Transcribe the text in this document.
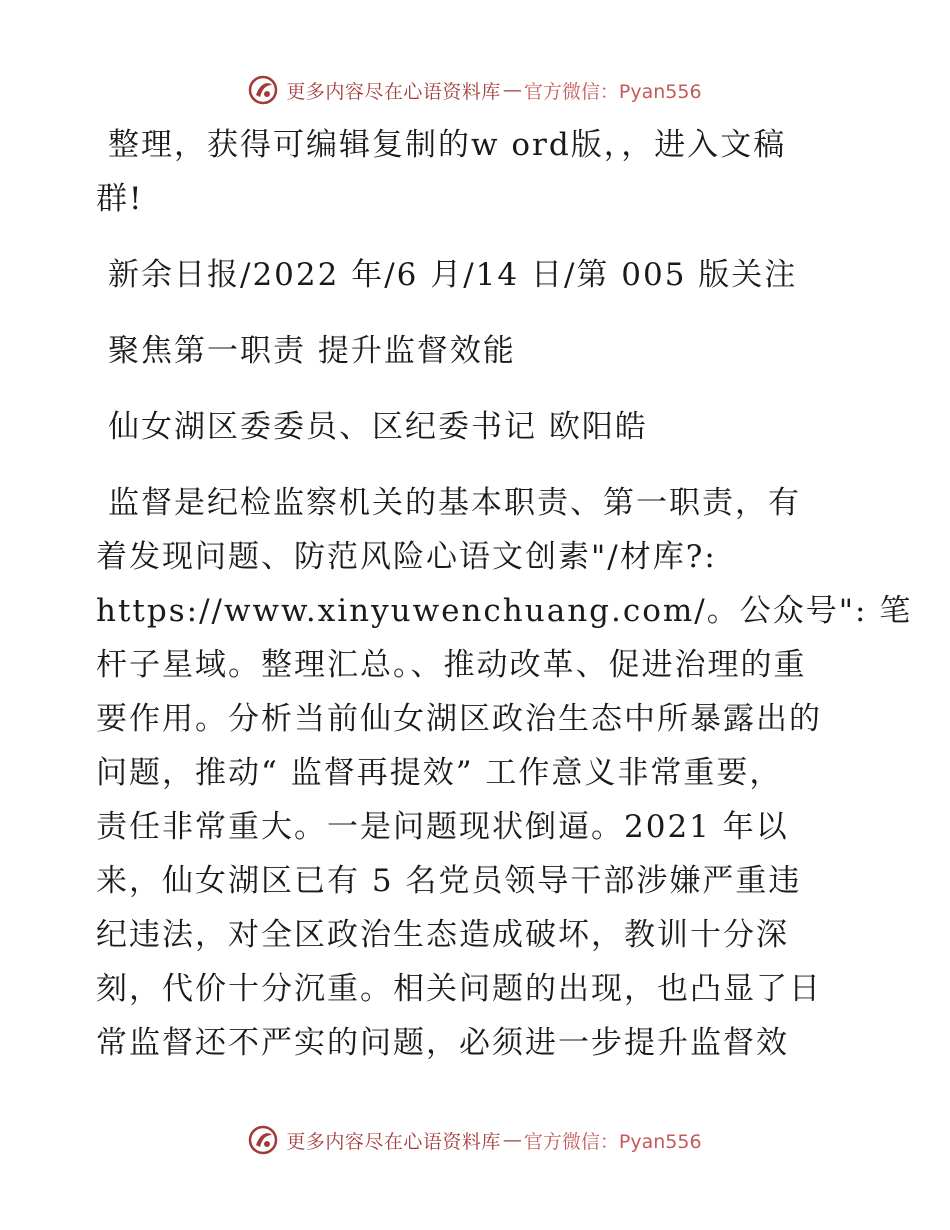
更多内容尽在心语资料库 — 官方微信：Pyan556
整理，获得可编辑复制的w ord版，，进入文稿
群!
新余日报/2022 年/6 月/14 日/第 005 版关注
聚焦第一职责 提升监督效能
仙女湖区委委员、区纪委书记 欧阳皓
监督是纪检监察机关的基本职责、第一职责，有
着发现问题、防范风险心语文创素"/材库?:
https://www.xinyuwenchuang.com/。公众号": 笔
杆子星域。整理汇总。、推动改革、促进治理的重
要作用。分析当前仙女湖区政治生态中所暴露出的
问题，推动“ 监督再提效” 工作意义非常重要，
责任非常重大。一是问题现状倒逼。2021 年以
来，仙女湖区已有 5 名党员领导干部涉嫌严重违
纪违法，对全区政治生态造成破坏，教训十分深
刻，代价十分沉重。相关问题的出现，也凸显了日
常监督还不严实的问题，必须进一步提升监督效
更多内容尽在心语资料库 — 官方微信：Pyan556
